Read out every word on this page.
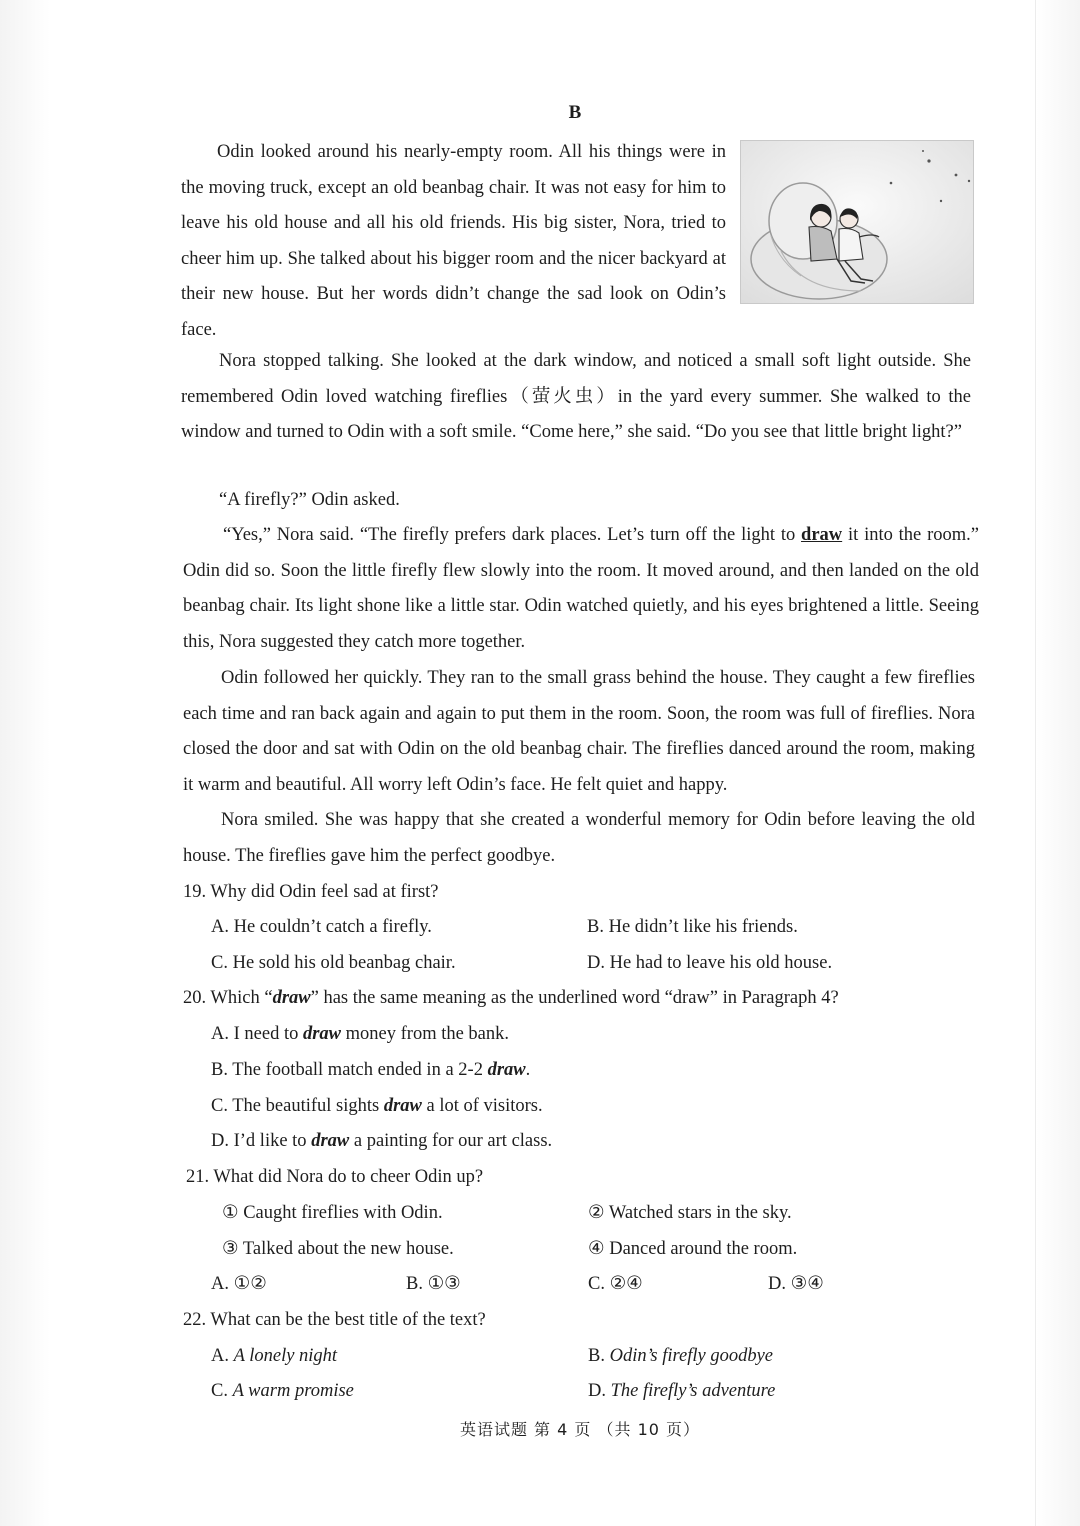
B

Odin looked around his nearly-empty room. All his things were in the moving truck, except an old beanbag chair. It was not easy for him to leave his old house and all his old friends. His big sister, Nora, tried to cheer him up. She talked about his bigger room and the nicer backyard at their new house. But her words didn’t change the sad look on Odin’s face.

Nora stopped talking. She looked at the dark window, and noticed a small soft light outside. She remembered Odin loved watching fireflies（萤火虫）in the yard every summer. She walked to the window and turned to Odin with a soft smile. “Come here,” she said. “Do you see that little bright light?”

“A firefly?” Odin asked.

“Yes,” Nora said. “The firefly prefers dark places. Let’s turn off the light to draw it into the room.” Odin did so. Soon the little firefly flew slowly into the room. It moved around, and then landed on the old beanbag chair. Its light shone like a little star. Odin watched quietly, and his eyes brightened a little. Seeing this, Nora suggested they catch more together.

Odin followed her quickly. They ran to the small grass behind the house. They caught a few fireflies each time and ran back again and again to put them in the room. Soon, the room was full of fireflies. Nora closed the door and sat with Odin on the old beanbag chair. The fireflies danced around the room, making it warm and beautiful. All worry left Odin’s face. He felt quiet and happy.

Nora smiled. She was happy that she created a wonderful memory for Odin before leaving the old house. The fireflies gave him the perfect goodbye.

19. Why did Odin feel sad at first?
A. He couldn’t catch a firefly.	B. He didn’t like his friends.
C. He sold his old beanbag chair.	D. He had to leave his old house.
20. Which “draw” has the same meaning as the underlined word “draw” in Paragraph 4?
A. I need to draw money from the bank.
B. The football match ended in a 2-2 draw.
C. The beautiful sights draw a lot of visitors.
D. I’d like to draw a painting for our art class.
21. What did Nora do to cheer Odin up?
① Caught fireflies with Odin.	② Watched stars in the sky.
③ Talked about the new house.	④ Danced around the room.
A. ①②	B. ①③	C. ②④	D. ③④
22. What can be the best title of the text?
A. A lonely night	B. Odin’s firefly goodbye
C. A warm promise	D. The firefly’s adventure
英语试题 第 4 页 （共 10 页）
